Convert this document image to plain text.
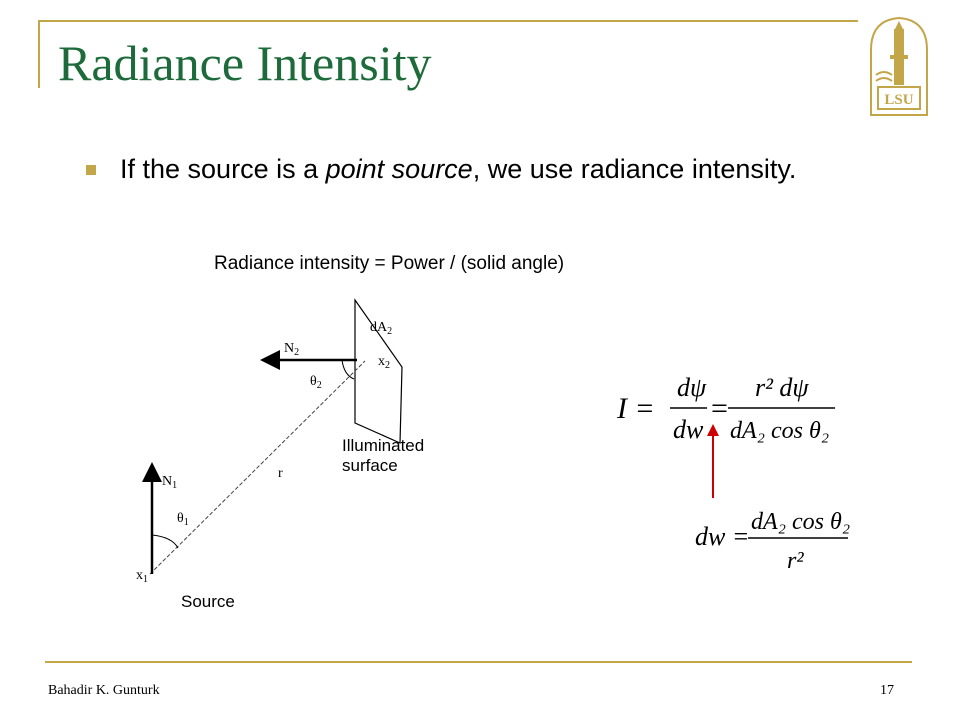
Radiance Intensity
LSU
If the source is a point source, we use radiance intensity.
Radiance intensity = Power / (solid angle)
$dA_2$
$N_2$
$x_2$
$\theta_2$
r
$N_1$
$\theta_1$
$x_1$
Illuminated
surface
Source
I =
dψ
dw
=
r² dψ
dA₂ cos θ₂
dw = dA₂ cos θ₂
r²
Bahadir K. Gunturk	17
